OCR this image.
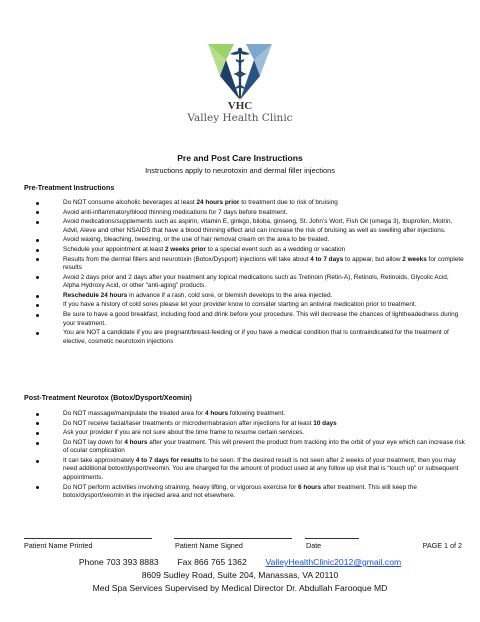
VHC
Valley Health Clinic
Pre and Post Care Instructions
Instructions apply to neurotoxin and dermal filler injections
Pre-Treatment Instructions
Do NOT consume alcoholic beverages at least 24 hours prior to treatment due to risk of bruising
Avoid anti-inflammatory/blood thinning medications for 7 days before treatment.
Avoid medications/supplements such as aspirin, vitamin E, ginkgo, biloba, ginseng, St. John’s Wort, Fish Oil (omega 3), Ibuprofen, Motrin, Advil, Aleve and other NSAIDS that have a blood thinning effect and can increase the risk of bruising as well as swelling after injections.
Avoid waxing, bleaching, tweezing, or the use of hair removal cream on the area to be treated.
Schedule your appointment at least 2 weeks prior to a special event such as a wedding or vacation
Results from the dermal fillers and neurotoxin (Botox/Dysport) injections will take about 4 to 7 days to appear, but allow 2 weeks for complete results
Avoid 2 days prior and 2 days after your treatment any topical medications such as Tretinoin (Retin-A), Retinols, Retinoids, Glycolic Acid, Alpha Hydroxy Acid, or other “anti-aging” products.
Reschedule 24 hours in advance if a rash, cold sore, or blemish develops to the area injected.
If you have a history of cold sores please let your provider know to consider starting an antiviral medication prior to treatment.
Be sure to have a good breakfast, including food and drink before your procedure. This will decrease the chances of lightheadedness during your treatment.
You are NOT a candidate if you are pregnant/breast-feeding or if you have a medical condition that is contraindicated for the treatment of elective, cosmetic neurotoxin injections
Post-Treatment Neurotox (Botox/Dysport/Xeomin)
Do NOT massage/manipulate the treated area for 4 hours following treatment.
Do NOT receive facial/laser treatments or microdermabrasion after injections for at least 10 days
Ask your provider if you are not sure about the time frame to resume certain services.
Do NOT lay down for 4 hours after your treatment. This will prevent the product from tracking into the orbit of your eye which can increase risk of ocular complication
It can take approximately 4 to 7 days for results to be seen. If the desired result is not seen after 2 weeks of your treatment, then you may need additional botox/dysport/xeomin. You are charged for the amount of product used at any follow up visit that is “touch up” or subsequent appointments.
Do NOT perform activities involving straining, heavy lifting, or vigorous exercise for 6 hours after treatment. This will keep the botox/dysport/xeomin in the injected area and not elsewhere.
Patient Name Printed	Patient Name Signed	Date	PAGE 1 of 2
Phone 703 393 8883 Fax 866 765 1362 ValleyHealthClinic2012@gmail.com
8609 Sudley Road, Suite 204, Manassas, VA 20110
Med Spa Services Supervised by Medical Director Dr. Abdullah Farooque MD
